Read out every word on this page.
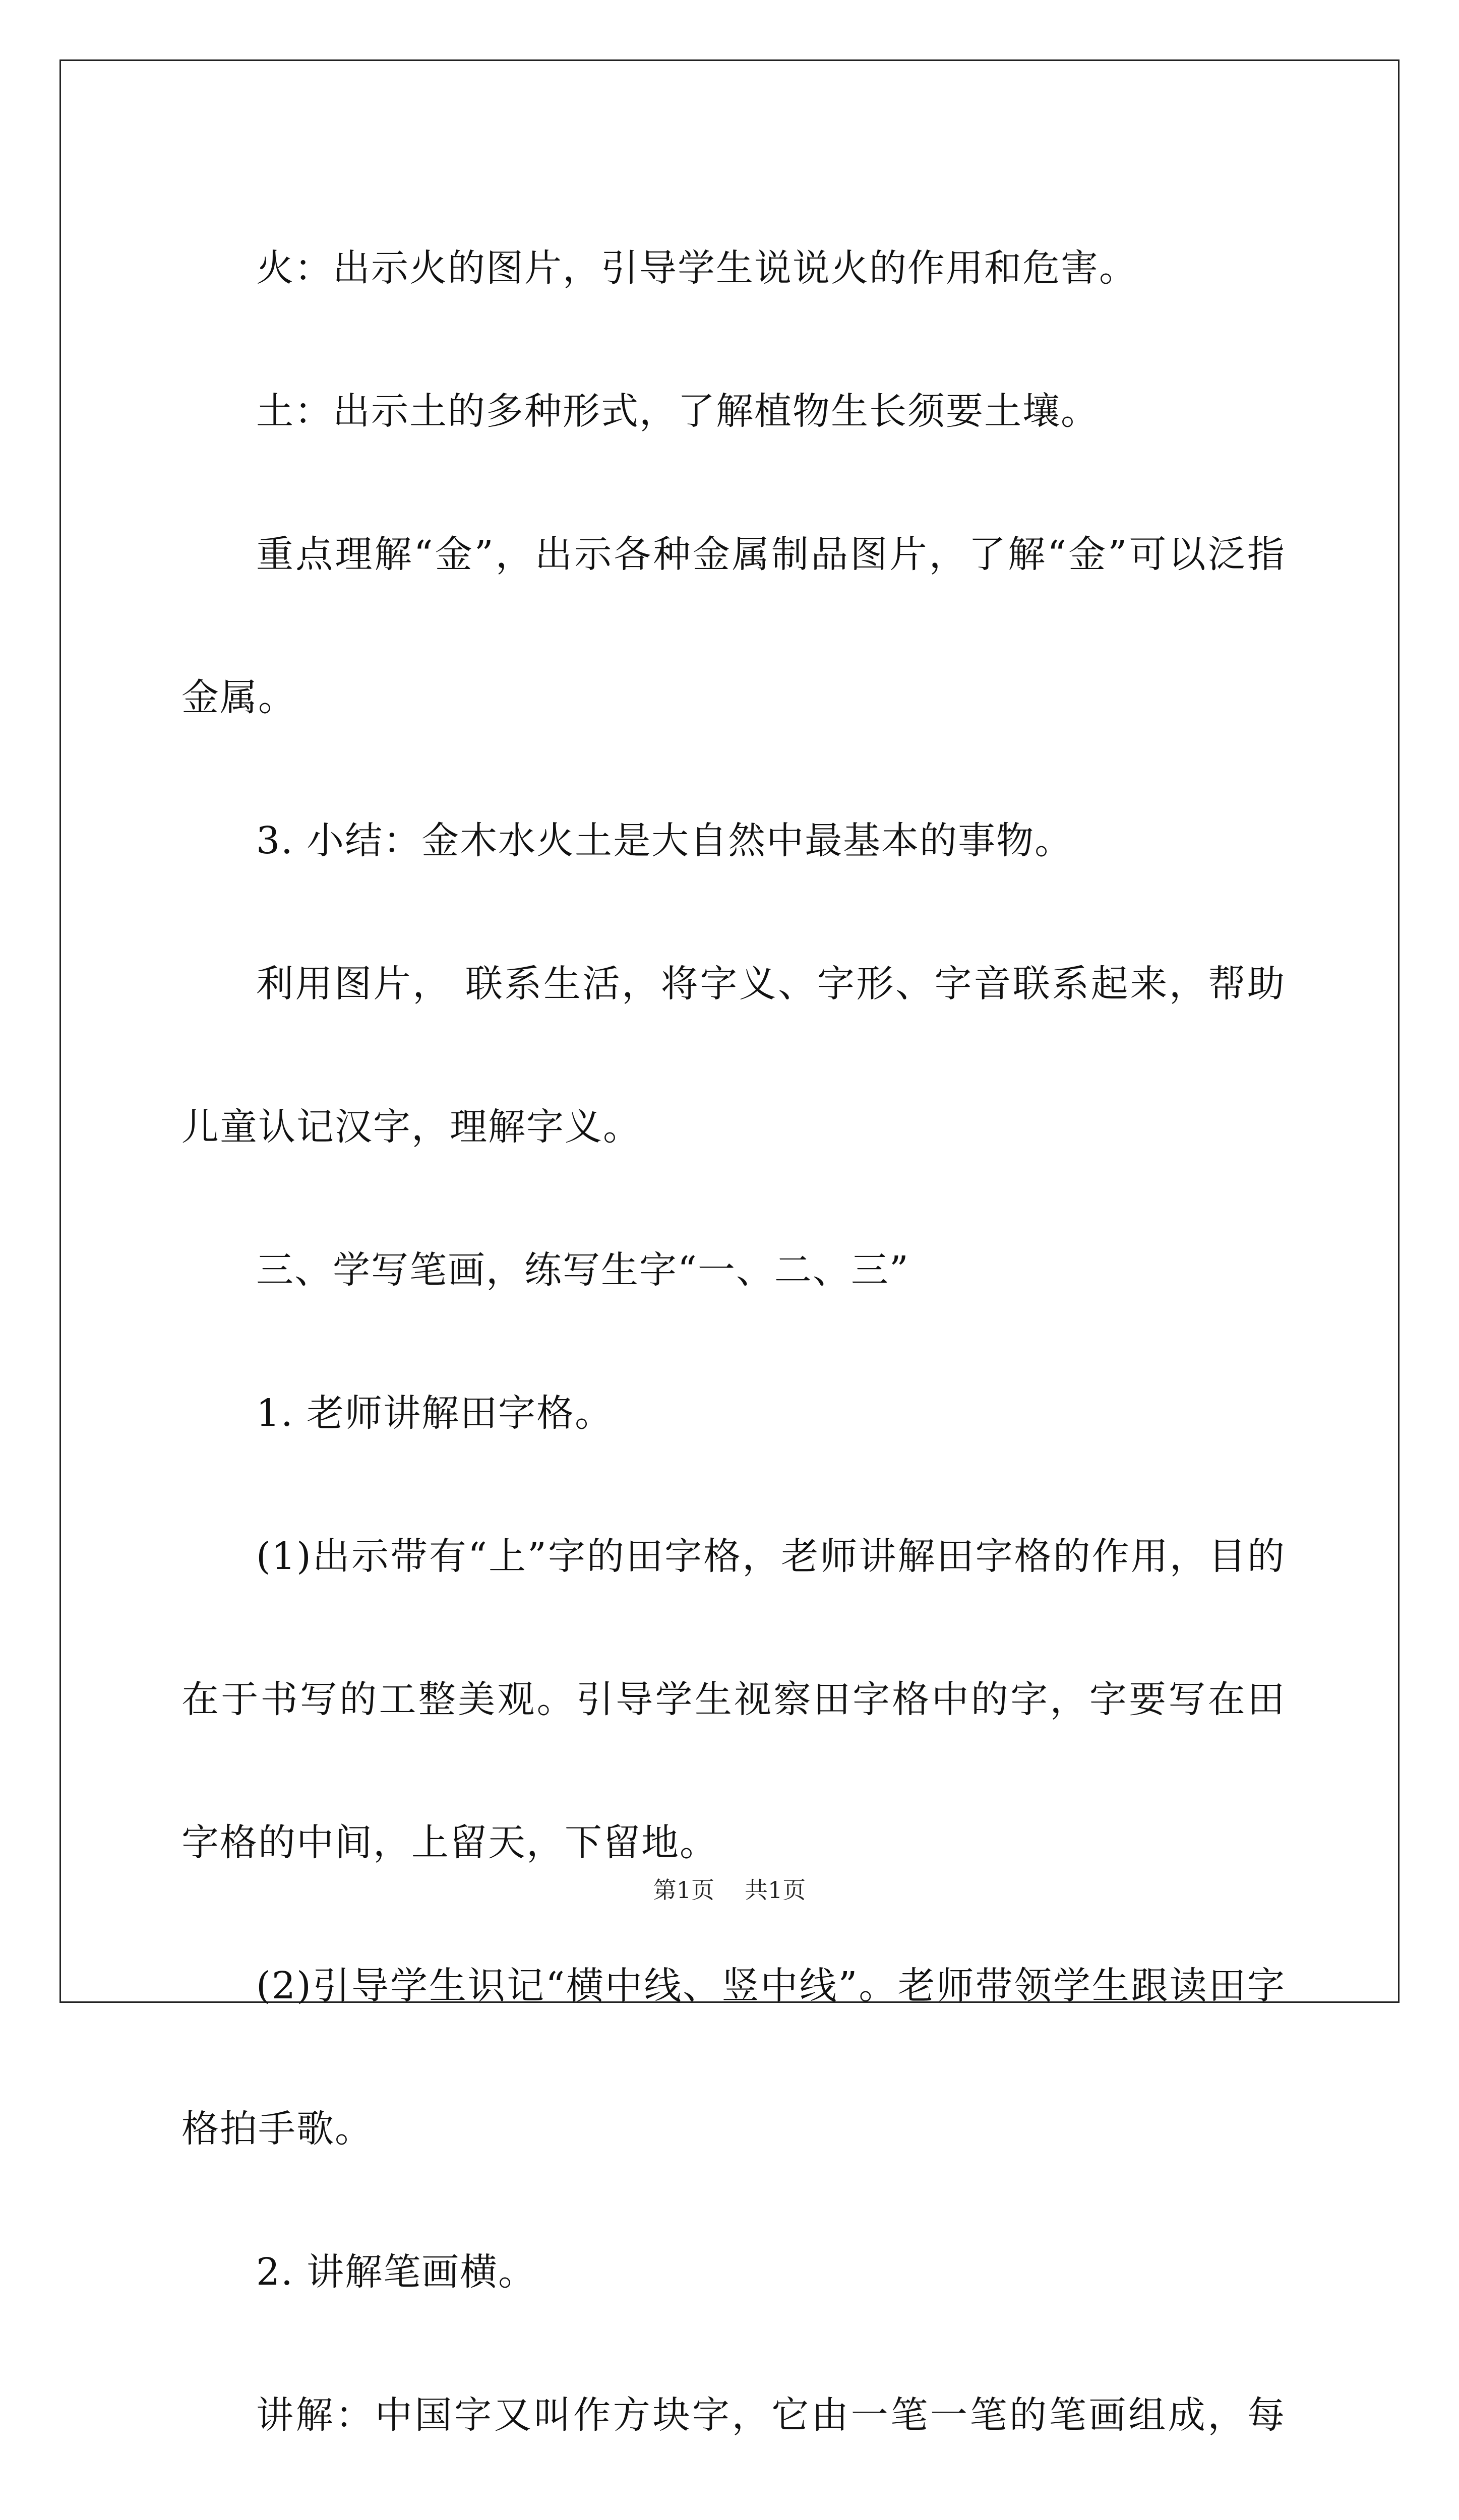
火：出示火的图片，引导学生说说火的作用和危害。

土：出示土的多种形式，了解植物生长须要土壤。

重点理解“金”，出示各种金属制品图片，了解“金”可以泛指金属。

3. 小结：金木水火土是大自然中最基本的事物。

利用图片， 联系生活，将字义、字形、字音联系起来，帮助儿童认记汉字，理解字义。

三、学写笔画，练写生字“一、二、三”

1. 老师讲解田字格。

(1)出示带有“上”字的田字格，老师讲解田字格的作用，目的在于书写的工整美观。引导学生视察田字格中的字，字要写在田字格的中间，上留天，下留地。

(2)引导学生识记“横中线、竖中线”。老师带领学生跟读田字格拍手歌。

2. 讲解笔画横。

讲解：中国字又叫作方块字，它由一笔一笔的笔画组成，每

第1页 共1页
